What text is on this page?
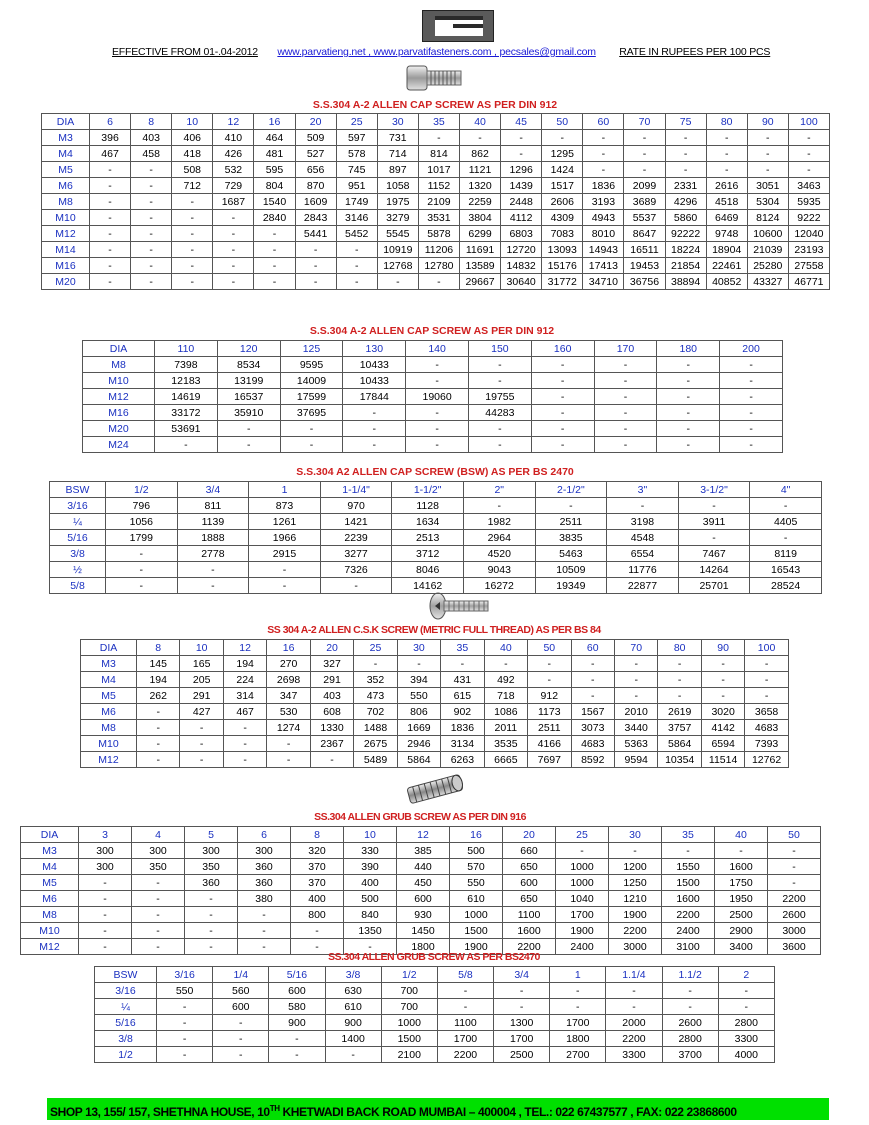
EFFECTIVE FROM 01-.04-2012 www.parvatieng.net , www.parvatifasteners.com , pecsales@gmail.com RATE IN RUPEES PER 100 PCS
S.S.304 A-2 ALLEN CAP SCREW AS PER DIN 912
DIA	6	8	10	12	16	20	25	30	35	40	45	50	60	70	75	80	90	100
M3	396	403	406	410	464	509	597	731	-	-	-	-	-	-	-	-	-	-
M4	467	458	418	426	481	527	578	714	814	862	-	1295	-	-	-	-	-	-
M5	-	-	508	532	595	656	745	897	1017	1121	1296	1424	-	-	-	-	-	-
M6	-	-	712	729	804	870	951	1058	1152	1320	1439	1517	1836	2099	2331	2616	3051	3463
M8	-	-	-	1687	1540	1609	1749	1975	2109	2259	2448	2606	3193	3689	4296	4518	5304	5935
M10	-	-	-	-	2840	2843	3146	3279	3531	3804	4112	4309	4943	5537	5860	6469	8124	9222
M12	-	-	-	-	-	5441	5452	5545	5878	6299	6803	7083	8010	8647	92222	9748	10600	12040
M14	-	-	-	-	-	-	-	10919	11206	11691	12720	13093	14943	16511	18224	18904	21039	23193
M16	-	-	-	-	-	-	-	12768	12780	13589	14832	15176	17413	19453	21854	22461	25280	27558
M20	-	-	-	-	-	-	-	-	-	29667	30640	31772	34710	36756	38894	40852	43327	46771
S.S.304 A-2 ALLEN CAP SCREW AS PER DIN 912
DIA	110	120	125	130	140	150	160	170	180	200
M8	7398	8534	9595	10433	-	-	-	-	-	-
M10	12183	13199	14009	10433	-	-	-	-	-	-
M12	14619	16537	17599	17844	19060	19755	-	-	-	-
M16	33172	35910	37695	-	-	44283	-	-	-	-
M20	53691	-	-	-	-	-	-	-	-	-
M24	-	-	-	-	-	-	-	-	-	-
S.S.304 A2 ALLEN CAP SCREW (BSW) AS PER BS 2470
BSW	1/2	3/4	1	1-1/4"	1-1/2"	2"	2-1/2"	3"	3-1/2"	4"
3/16	796	811	873	970	1128	-	-	-	-	-
¼	1056	1139	1261	1421	1634	1982	2511	3198	3911	4405
5/16	1799	1888	1966	2239	2513	2964	3835	4548	-	-
3/8	-	2778	2915	3277	3712	4520	5463	6554	7467	8119
½	-	-	-	7326	8046	9043	10509	11776	14264	16543
5/8	-	-	-	-	14162	16272	19349	22877	25701	28524
SS 304 A-2 ALLEN C.S.K SCREW (METRIC FULL THREAD) AS PER BS 84
DIA	8	10	12	16	20	25	30	35	40	50	60	70	80	90	100
M3	145	165	194	270	327	-	-	-	-	-	-	-	-	-	-
M4	194	205	224	2698	291	352	394	431	492	-	-	-	-	-	-
M5	262	291	314	347	403	473	550	615	718	912	-	-	-	-	-
M6	-	427	467	530	608	702	806	902	1086	1173	1567	2010	2619	3020	3658
M8	-	-	-	1274	1330	1488	1669	1836	2011	2511	3073	3440	3757	4142	4683
M10	-	-	-	-	2367	2675	2946	3134	3535	4166	4683	5363	5864	6594	7393
M12	-	-	-	-	-	5489	5864	6263	6665	7697	8592	9594	10354	11514	12762
SS.304 ALLEN GRUB SCREW AS PER DIN 916
DIA	3	4	5	6	8	10	12	16	20	25	30	35	40	50
M3	300	300	300	300	320	330	385	500	660	-	-	-	-	-
M4	300	350	350	360	370	390	440	570	650	1000	1200	1550	1600	-
M5	-	-	360	360	370	400	450	550	600	1000	1250	1500	1750	-
M6	-	-	-	380	400	500	600	610	650	1040	1210	1600	1950	2200
M8	-	-	-	-	800	840	930	1000	1100	1700	1900	2200	2500	2600
M10	-	-	-	-	-	1350	1450	1500	1600	1900	2200	2400	2900	3000
M12	-	-	-	-	-	-	1800	1900	2200	2400	3000	3100	3400	3600
SS.304 ALLEN GRUB SCREW AS PER BS2470
BSW	3/16	1/4	5/16	3/8	1/2	5/8	3/4	1	1.1/4	1.1/2	2
3/16	550	560	600	630	700	-	-	-	-	-	-
¼	-	600	580	610	700	-	-	-	-	-	-
5/16	-	-	900	900	1000	1100	1300	1700	2000	2600	2800
3/8	-	-	-	1400	1500	1700	1700	1800	2200	2800	3300
1/2	-	-	-	-	2100	2200	2500	2700	3300	3700	4000
SHOP 13, 155/ 157, SHETHNA HOUSE, 10TH KHETWADI BACK ROAD MUMBAI – 400004 , TEL.: 022 67437577 , FAX: 022 23868600
